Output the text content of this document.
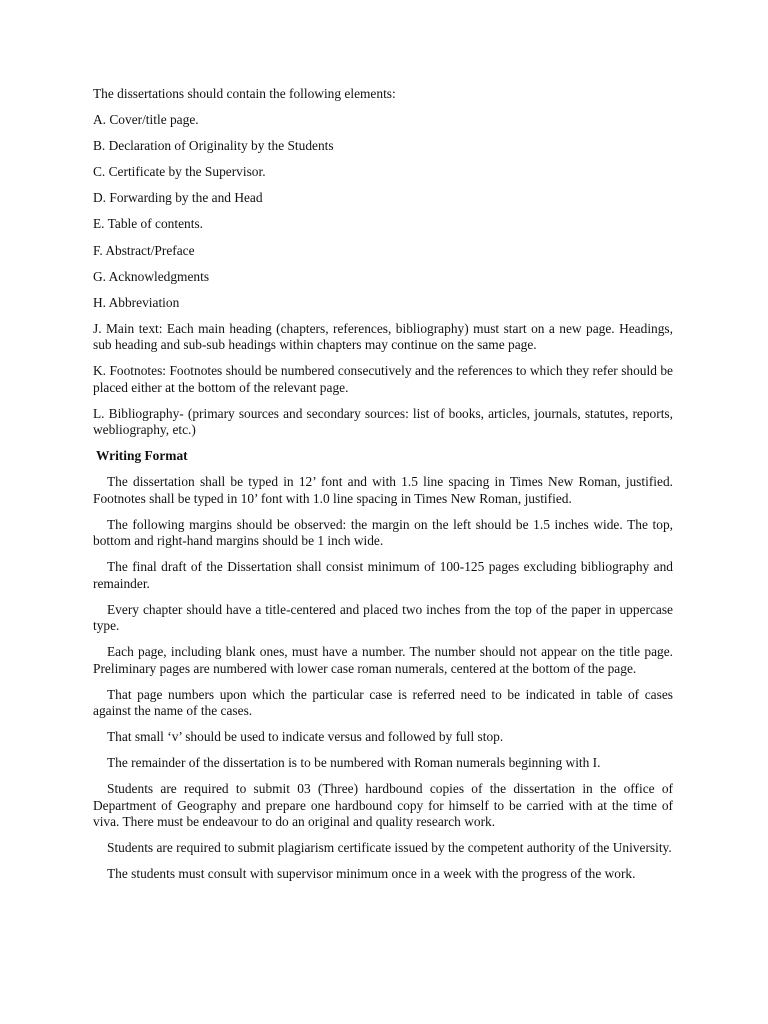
The dissertations should contain the following elements:
A. Cover/title page.
B. Declaration of Originality by the Students
C. Certificate by the Supervisor.
D. Forwarding by the and Head
E. Table of contents.
F. Abstract/Preface
G. Acknowledgments
H. Abbreviation
J. Main text: Each main heading (chapters, references, bibliography) must start on a new page. Headings, sub heading and sub-sub headings within chapters may continue on the same page.
K. Footnotes: Footnotes should be numbered consecutively and the references to which they refer should be placed either at the bottom of the relevant page.
L. Bibliography- (primary sources and secondary sources: list of books, articles, journals, statutes, reports, webliography, etc.)
Writing Format
The dissertation shall be typed in 12’ font and with 1.5 line spacing in Times New Roman, justified. Footnotes shall be typed in 10’ font with 1.0 line spacing in Times New Roman, justified.
The following margins should be observed: the margin on the left should be 1.5 inches wide. The top, bottom and right-hand margins should be 1 inch wide.
The final draft of the Dissertation shall consist minimum of 100-125 pages excluding bibliography and remainder.
Every chapter should have a title-centered and placed two inches from the top of the paper in uppercase type.
Each page, including blank ones, must have a number. The number should not appear on the title page. Preliminary pages are numbered with lower case roman numerals, centered at the bottom of the page.
That page numbers upon which the particular case is referred need to be indicated in table of cases against the name of the cases.
That small ‘v’ should be used to indicate versus and followed by full stop.
The remainder of the dissertation is to be numbered with Roman numerals beginning with I.
Students are required to submit 03 (Three) hardbound copies of the dissertation in the office of Department of Geography and prepare one hardbound copy for himself to be carried with at the time of viva. There must be endeavour to do an original and quality research work.
Students are required to submit plagiarism certificate issued by the competent authority of the University.
The students must consult with supervisor minimum once in a week with the progress of the work.
